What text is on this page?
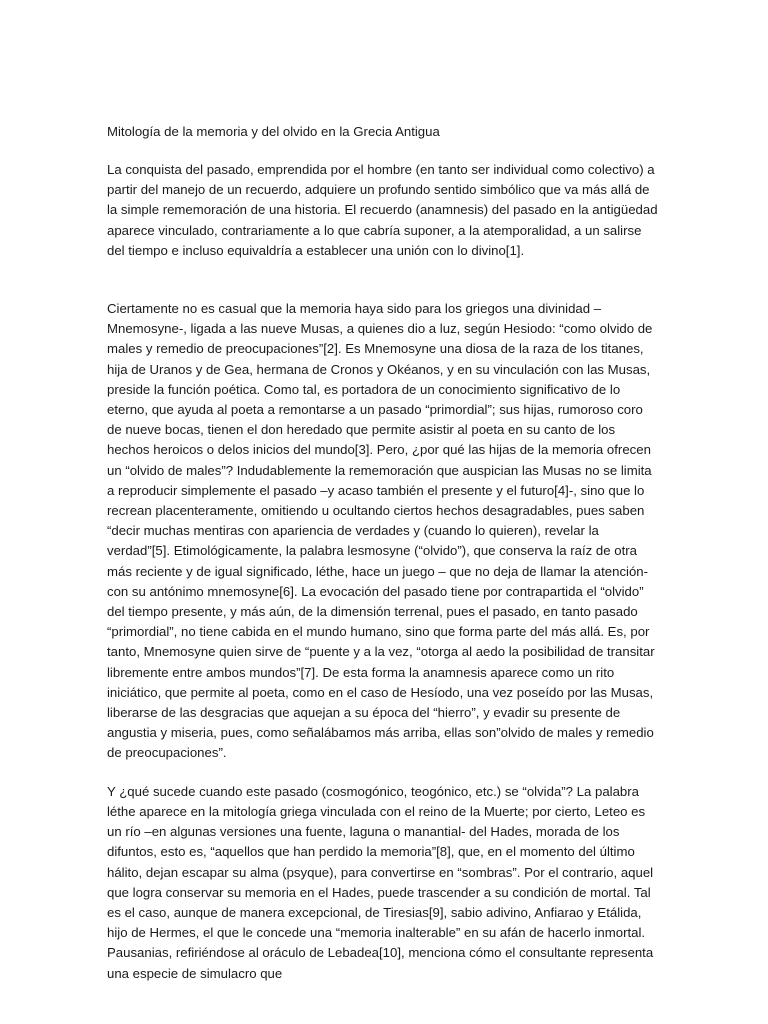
Mitología de la memoria y del olvido en la Grecia Antigua

La conquista del pasado, emprendida por el hombre (en tanto ser individual como colectivo) a partir del manejo de un recuerdo, adquiere un profundo sentido simbólico que va más allá de la simple rememoración de una historia. El recuerdo (anamnesis) del pasado en la antigüedad aparece vinculado, contrariamente a lo que cabría suponer, a la atemporalidad, a un salirse del tiempo e incluso equivaldría a establecer una unión con lo divino[1].

Ciertamente no es casual que la memoria haya sido para los griegos una divinidad –Mnemosyne-, ligada a las nueve Musas, a quienes dio a luz, según Hesiodo: “como olvido de males y remedio de preocupaciones”[2]. Es Mnemosyne una diosa de la raza de los titanes, hija de Uranos y de Gea, hermana de Cronos y Okéanos, y en su vinculación con las Musas, preside la función poética. Como tal, es portadora de un conocimiento significativo de lo eterno, que ayuda al poeta a remontarse a un pasado “primordial”; sus hijas, rumoroso coro de nueve bocas, tienen el don heredado que permite asistir al poeta en su canto de los hechos heroicos o delos inicios del mundo[3]. Pero, ¿por qué las hijas de la memoria ofrecen un “olvido de males”? Indudablemente la rememoración que auspician las Musas no se limita a reproducir simplemente el pasado –y acaso también el presente y el futuro[4]-, sino que lo recrean placenteramente, omitiendo u ocultando ciertos hechos desagradables, pues saben “decir muchas mentiras con apariencia de verdades y (cuando lo quieren), revelar la verdad”[5]. Etimológicamente, la palabra lesmosyne (“olvido”), que conserva la raíz de otra más reciente y de igual significado, léthe, hace un juego – que no deja de llamar la atención- con su antónimo mnemosyne[6]. La evocación del pasado tiene por contrapartida el “olvido” del tiempo presente, y más aún, de la dimensión terrenal, pues el pasado, en tanto pasado “primordial”, no tiene cabida en el mundo humano, sino que forma parte del más allá. Es, por tanto, Mnemosyne quien sirve de “puente y a la vez, “otorga al aedo la posibilidad de transitar libremente entre ambos mundos”[7]. De esta forma la anamnesis aparece como un rito iniciático, que permite al poeta, como en el caso de Hesíodo, una vez poseído por las Musas, liberarse de las desgracias que aquejan a su época del “hierro”, y evadir su presente de angustia y miseria, pues, como señalábamos más arriba, ellas son”olvido de males y remedio de preocupaciones”.

Y ¿qué sucede cuando este pasado (cosmogónico, teogónico, etc.) se “olvida”? La palabra léthe aparece en la mitología griega vinculada con el reino de la Muerte; por cierto, Leteo es un río –en algunas versiones una fuente, laguna o manantial- del Hades, morada de los difuntos, esto es, “aquellos que han perdido la memoria”[8], que, en el momento del último hálito, dejan escapar su alma (psyque), para convertirse en “sombras”. Por el contrario, aquel que logra conservar su memoria en el Hades, puede trascender a su condición de mortal. Tal es el caso, aunque de manera excepcional, de Tiresias[9], sabio adivino, Anfiarao y Etálida, hijo de Hermes, el que le concede una “memoria inalterable” en su afán de hacerlo inmortal. Pausanias, refiriéndose al oráculo de Lebadea[10], menciona cómo el consultante representa una especie de simulacro que
